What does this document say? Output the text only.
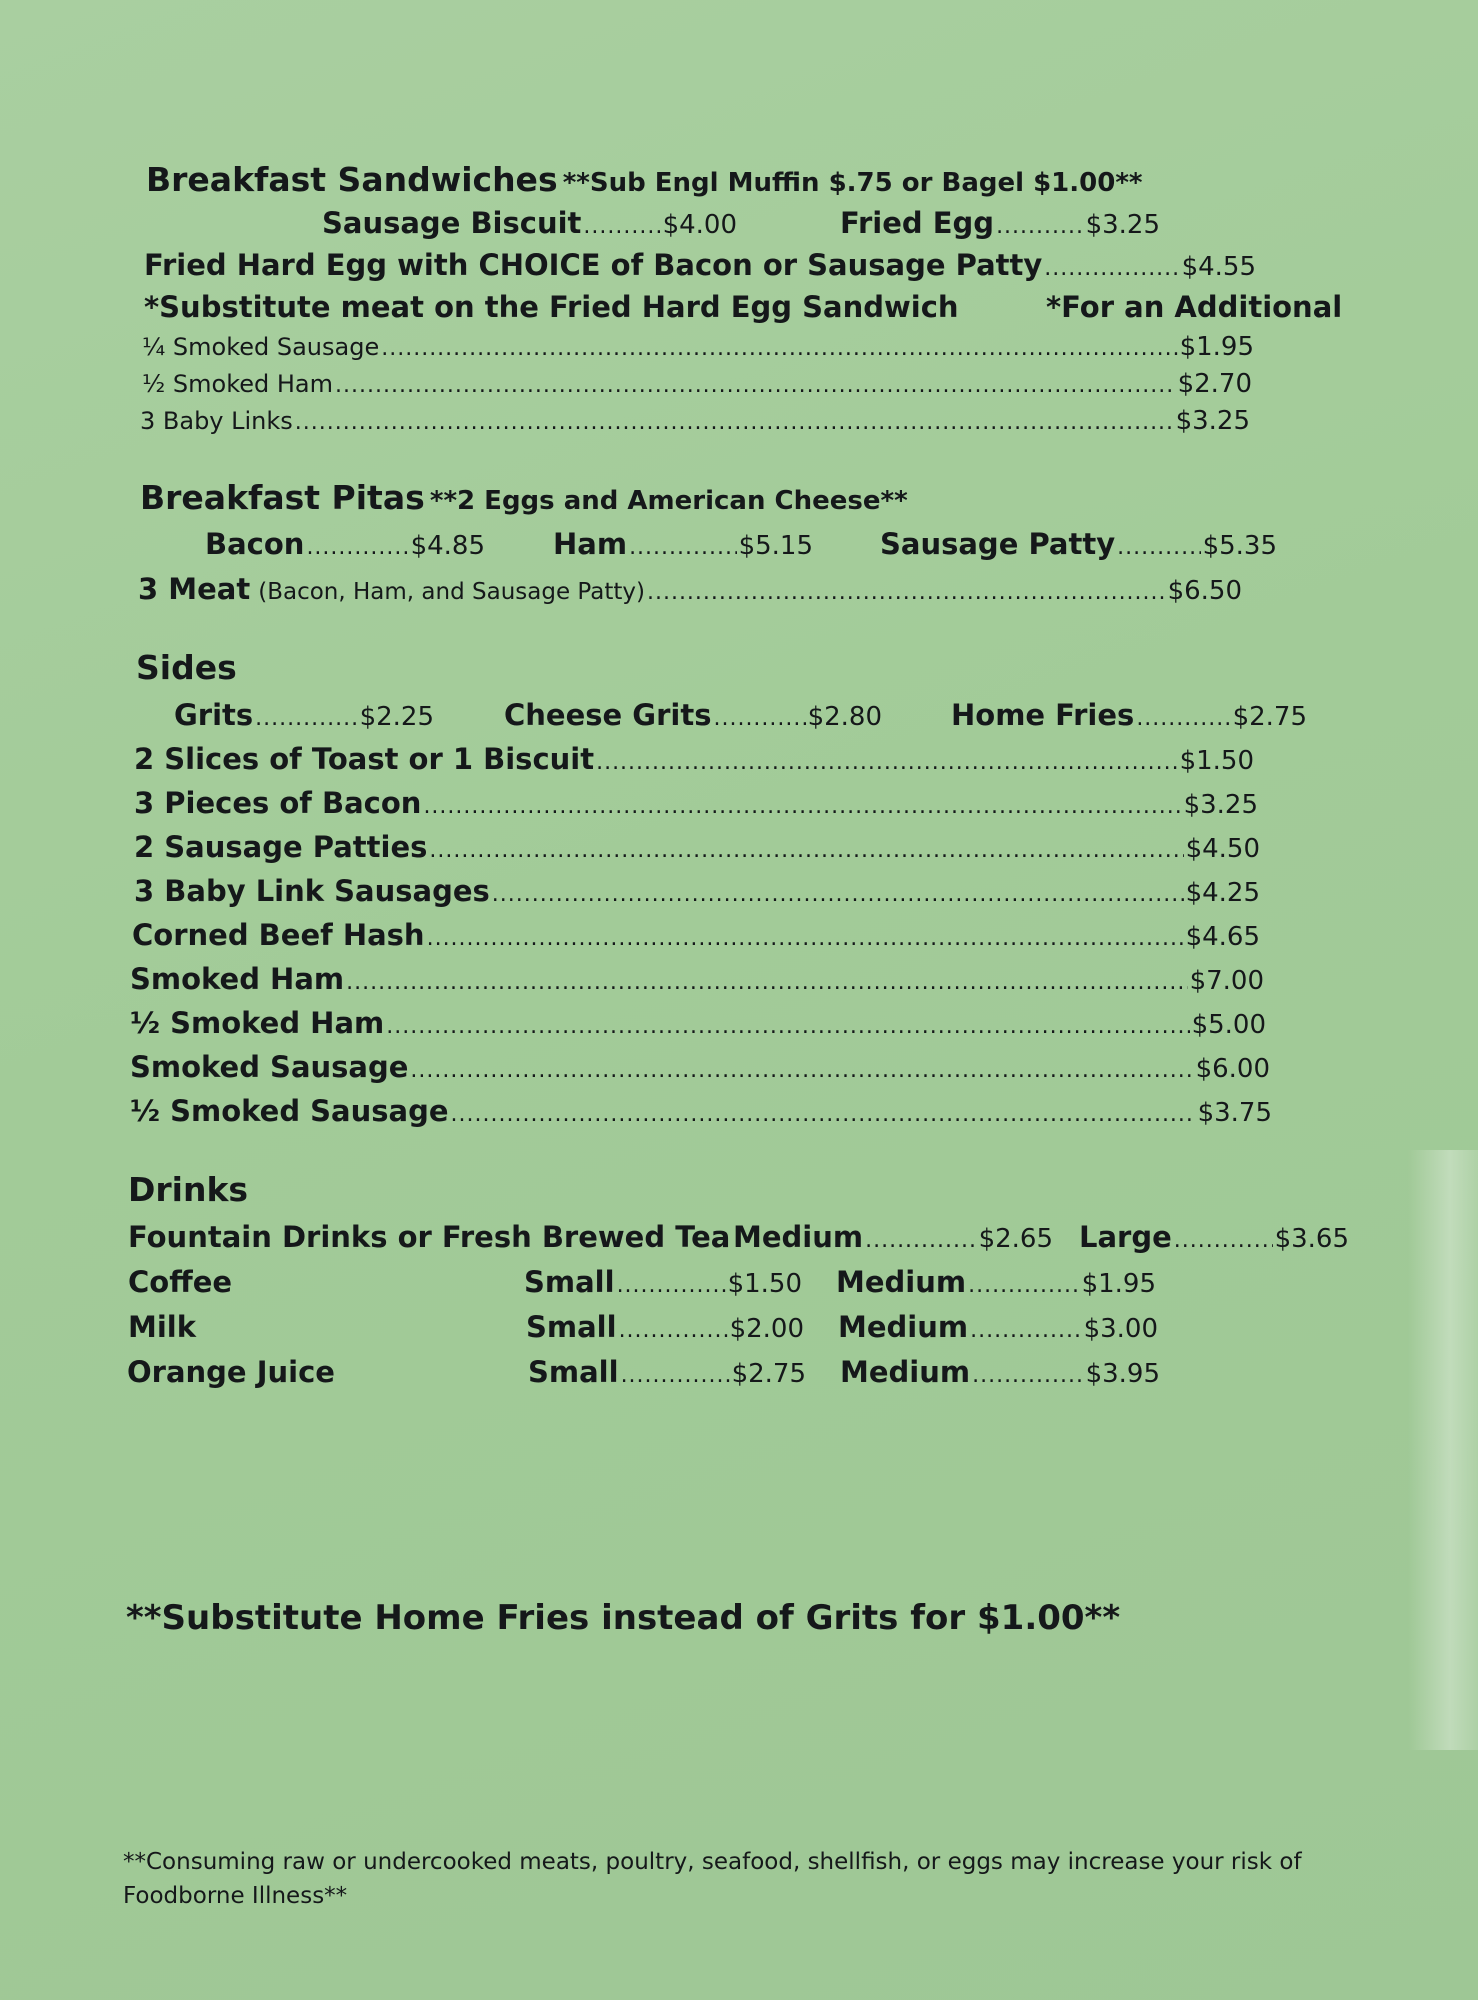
Breakfast Sandwiches **Sub Engl Muffin $.75 or Bagel $1.00**
Sausage Biscuit .....	$4.00	Fried Egg .....	$3.25
Fried Hard Egg with CHOICE of Bacon or Sausage Patty .....	$4.55
*Substitute meat on the Fried Hard Egg Sandwich	*For an Additional
¼ Smoked Sausage .....	$1.95
½ Smoked Ham .....	$2.70
3 Baby Links .....	$3.25
Breakfast Pitas **2 Eggs and American Cheese**
Bacon .....	$4.85 Ham .....	$5.15 Sausage Patty .....	$5.35
3 Meat (Bacon, Ham, and Sausage Patty) .....	$6.50
Sides
Grits .....	$2.25 Cheese Grits .....	$2.80 Home Fries .....	$2.75
2 Slices of Toast or 1 Biscuit .....	$1.50
3 Pieces of Bacon .....	$3.25
2 Sausage Patties .....	$4.50
3 Baby Link Sausages .....	$4.25
Corned Beef Hash .....	$4.65
Smoked Ham .....	$7.00
½ Smoked Ham .....	$5.00
Smoked Sausage .....	$6.00
½ Smoked Sausage .....	$3.75
Drinks
Fountain Drinks or Fresh Brewed Tea Medium .....	$2.65 Large .....	$3.65
Coffee	Small .....	$1.50 Medium .....	$1.95
Milk	Small .....	$2.00 Medium .....	$3.00
Orange Juice	Small .....	$2.75 Medium .....	$3.95
**Substitute Home Fries instead of Grits for $1.00**
**Consuming raw or undercooked meats, poultry, seafood, shellfish, or eggs may increase your risk of Foodborne Illness**
